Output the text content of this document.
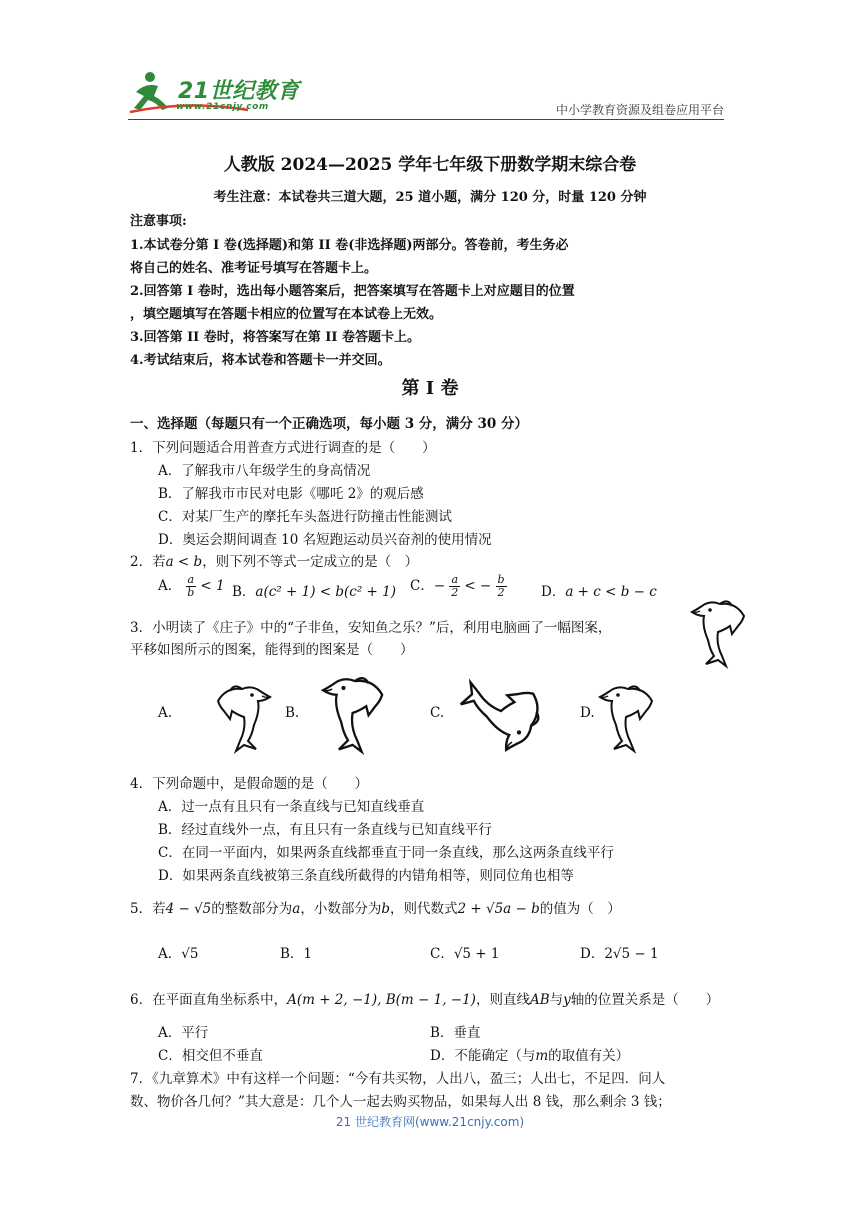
21世纪教育
www.21cnjy.com	中小学教育资源及组卷应用平台
人教版 2024—2025 学年七年级下册数学期末综合卷
考生注意：本试卷共三道大题，25 道小题，满分 120 分，时量 120 分钟
注意事项:
1.本试卷分第 I 卷(选择题)和第 II 卷(非选择题)两部分。答卷前，考生务必
将自己的姓名、准考证号填写在答题卡上。
2.回答第 I 卷时，选出每小题答案后，把答案填写在答题卡上对应题目的位置
，填空题填写在答题卡相应的位置写在本试卷上无效。
3.回答第 II 卷时，将答案写在第 II 卷答题卡上。
4.考试结束后，将本试卷和答题卡一并交回。
第 I 卷
一、选择题（每题只有一个正确选项，每小题 3 分，满分 30 分）
1．下列问题适合用普查方式进行调查的是（　　）
A．了解我市八年级学生的身高情况
B．了解我市市民对电影《哪吒 2》的观后感
C．对某厂生产的摩托车头盔进行防撞击性能测试
D．奥运会期间调查 10 名短跑运动员兴奋剂的使用情况
2．若a < b，则下列不等式一定成立的是（　）
A． $\frac{a}{b} < 1$ B．a(c² + 1) < b(c² + 1) C．− $\frac{a}{2}$ < − $\frac{b}{2}$	D．a + c < b − c
3．小明读了《庄子》中的“子非鱼，安知鱼之乐？”后，利用电脑画了一幅图案，
平移如图所示的图案，能得到的图案是（　　）
A.	B.	C.	D.
4．下列命题中，是假命题的是（　　）
A．过一点有且只有一条直线与已知直线垂直
B．经过直线外一点，有且只有一条直线与已知直线平行
C．在同一平面内，如果两条直线都垂直于同一条直线，那么这两条直线平行
D．如果两条直线被第三条直线所截得的内错角相等，则同位角也相等
5．若4 − √5的整数部分为a，小数部分为b，则代数式2 + √5a − b的值为（　）
A．√5	B．1	C．√5 + 1	D．2√5 − 1
6．在平面直角坐标系中，A(m + 2, −1), B(m − 1, −1)，则直线AB与y轴的位置关系是（　　）
A．平行	B．垂直
C．相交但不垂直	D．不能确定（与m的取值有关）
7．《九章算术》中有这样一个问题：“今有共买物，人出八，盈三；人出七，不足四．问人
数、物价各几何？”其大意是：几个人一起去购买物品，如果每人出 8 钱，那么剩余 3 钱；
21 世纪教育网(www.21cnjy.com)
